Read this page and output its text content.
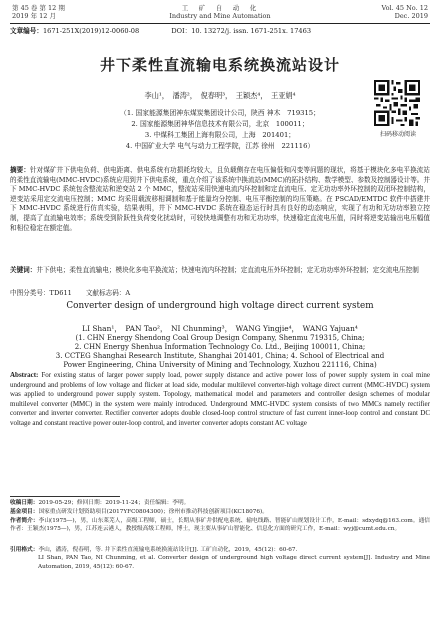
第 45 卷 第 12 期
2019 年 12 月
工　矿　自　动　化
Industry and Mine Automation
Vol. 45 No. 12
Dec. 2019
文章编号：1671-251X(2019)12-0060-08	DOI：10. 13272/j. issn. 1671-251x. 17463
井下柔性直流输电系统换流站设计
李山¹，　潘涛²，　倪春明³，　王颖杰⁴，　王亚娟⁴
（1. 国家能源集团神东煤炭集团设计公司，陕西 神木　719315；
2. 国家能源集团神华信息技术有限公司，北京　100011；
3. 中煤科工集团上海有限公司，上海　201401；
4. 中国矿业大学 电气与动力工程学院，江苏 徐州　221116）
扫码移动阅读
摘要：针对煤矿井下供电负荷、供电距离、供电系统有功损耗均较大，且负载侧存在电压偏低和闪变等问题的现状，将基于模块化多电平换流站的柔性直流输电(MMC-HVDC)系统应用到井下供电系统，重点介绍了该系统中换流站(MMC)的拓扑结构、数学模型、参数及控制器设计等。井下 MMC-HVDC 系统包含整流站和逆变站 2 个 MMC，整流站采用快速电流内环控制和定直流电压、定无功功率外环控制的双闭环控制结构，逆变站采用定交流电压控制；MMC 均采用载波移相调制和基于能量均分控制、电压平衡控制的均压策略。在 PSCAD/EMTDC 软件中搭建井下 MMC-HVDC 系统进行仿真实验，结果表明，井下 MMC-HVDC 系统在稳态运行时具有良好的动态响应，实现了有功和无功功率独立控制，提高了直流输电效率；系统受到阶跃性负荷变化扰动时，可较快地调整有功和无功功率，快速稳定直流电压值，同时将逆变站输出电压幅值和相位稳定在额定值。
关键词：井下供电；柔性直流输电；模块化多电平换流站；快速电流内环控制；定直流电压外环控制；定无功功率外环控制；定交流电压控制
中图分类号：TD611 文献标志码：A
Converter design of underground high voltage direct current system
LI Shan¹，　PAN Tao²，　NI Chunming³，　WANG Yingjie⁴，　WANG Yajuan⁴
(1. CHN Energy Shendong Coal Group Design Company, Shenmu 719315, China;
2. CHN Energy Shenhua Information Technology Co. Ltd., Beijing 100011, China;
3. CCTEG Shanghai Research Institute, Shanghai 201401, China; 4. School of Electrical and
Power Engineering, China University of Mining and Technology, Xuzhou 221116, China)
Abstract: For existing status of larger power supply load, power supply distance and active power loss of power supply system in coal mine underground and problems of low voltage and flicker at load side, modular multilevel converter-high voltage direct current (MMC-HVDC) system was applied to underground power supply system. Topology, mathematical model and parameters and controller design schemes of modular multilevel converter (MMC) in the system were mainly introduced. Underground MMC-HVDC system consists of two MMCs namely rectifier converter and inverter converter. Rectifier converter adopts double closed-loop control structure of fast current inner-loop control and constant DC voltage and constant reactive power outer-loop control, and inverter converter adopts constant AC voltage
收稿日期：2019-05-29；修回日期：2019-11-24；责任编辑：李明。
基金项目：国家重点研发计划资助项目(2017YFC0804300)；徐州市推动科技创新项目(KC18076)。
作者简介：李山(1975—)，男，山东莱芜人，高级工程师，硕士，长期从事矿井供配电系统、输电线路、智能矿山规划设计工作，E-mail：sdxydq@163.com。通信作者：王颖杰(1975—)，男，江苏连云港人，教授级高级工程师，博士，现主要从事矿山智能化、信息化方面的研究工作，E-mail：wyj@cumt.edu.cn。
引用格式：李山，潘涛，倪春明，等. 井下柔性直流输电系统换流站设计[J]. 工矿自动化，2019，45(12)：60-67.
LI Shan, PAN Tao, NI Chunming, et al. Converter design of underground high voltage direct current system[J]. Industry and Mine Automation, 2019, 45(12): 60-67.
